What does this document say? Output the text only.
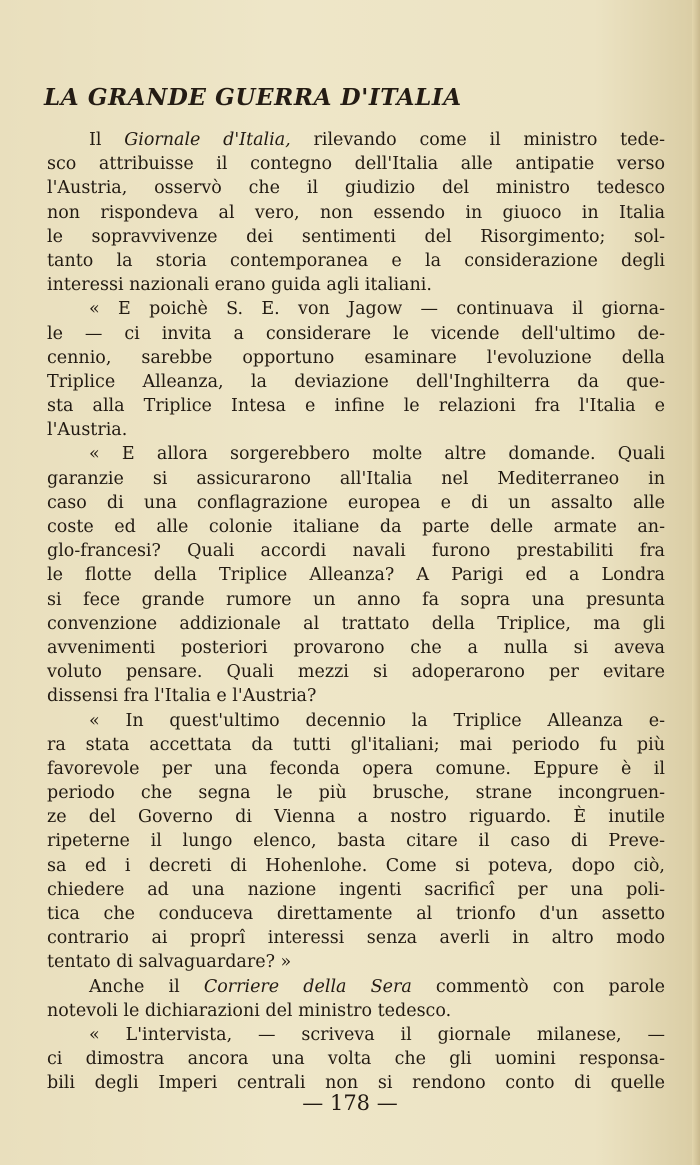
LA GRANDE GUERRA D'ITALIA
Il Giornale d'Italia, rilevando come il ministro tede-
sco attribuisse il contegno dell'Italia alle antipatie verso
l'Austria, osservò che il giudizio del ministro tedesco
non rispondeva al vero, non essendo in giuoco in Italia
le sopravvivenze dei sentimenti del Risorgimento; sol-
tanto la storia contemporanea e la considerazione degli
interessi nazionali erano guida agli italiani.
« E poichè S. E. von Jagow — continuava il giorna-
le — ci invita a considerare le vicende dell'ultimo de-
cennio, sarebbe opportuno esaminare l'evoluzione della
Triplice Alleanza, la deviazione dell'Inghilterra da que-
sta alla Triplice Intesa e infine le relazioni fra l'Italia e
l'Austria.
« E allora sorgerebbero molte altre domande. Quali
garanzie si assicurarono all'Italia nel Mediterraneo in
caso di una conflagrazione europea e di un assalto alle
coste ed alle colonie italiane da parte delle armate an-
glo-francesi? Quali accordi navali furono prestabiliti fra
le flotte della Triplice Alleanza? A Parigi ed a Londra
si fece grande rumore un anno fa sopra una presunta
convenzione addizionale al trattato della Triplice, ma gli
avvenimenti posteriori provarono che a nulla si aveva
voluto pensare. Quali mezzi si adoperarono per evitare
dissensi fra l'Italia e l'Austria?
« In quest'ultimo decennio la Triplice Alleanza e-
ra stata accettata da tutti gl'italiani; mai periodo fu più
favorevole per una feconda opera comune. Eppure è il
periodo che segna le più brusche, strane incongruen-
ze del Governo di Vienna a nostro riguardo. È inutile
ripeterne il lungo elenco, basta citare il caso di Preve-
sa ed i decreti di Hohenlohe. Come si poteva, dopo ciò,
chiedere ad una nazione ingenti sacrificî per una poli-
tica che conduceva direttamente al trionfo d'un assetto
contrario ai proprî interessi senza averli in altro modo
tentato di salvaguardare? »
Anche il Corriere della Sera commentò con parole
notevoli le dichiarazioni del ministro tedesco.
« L'intervista, — scriveva il giornale milanese, —
ci dimostra ancora una volta che gli uomini responsa-
bili degli Imperi centrali non si rendono conto di quelle
— 178 —
